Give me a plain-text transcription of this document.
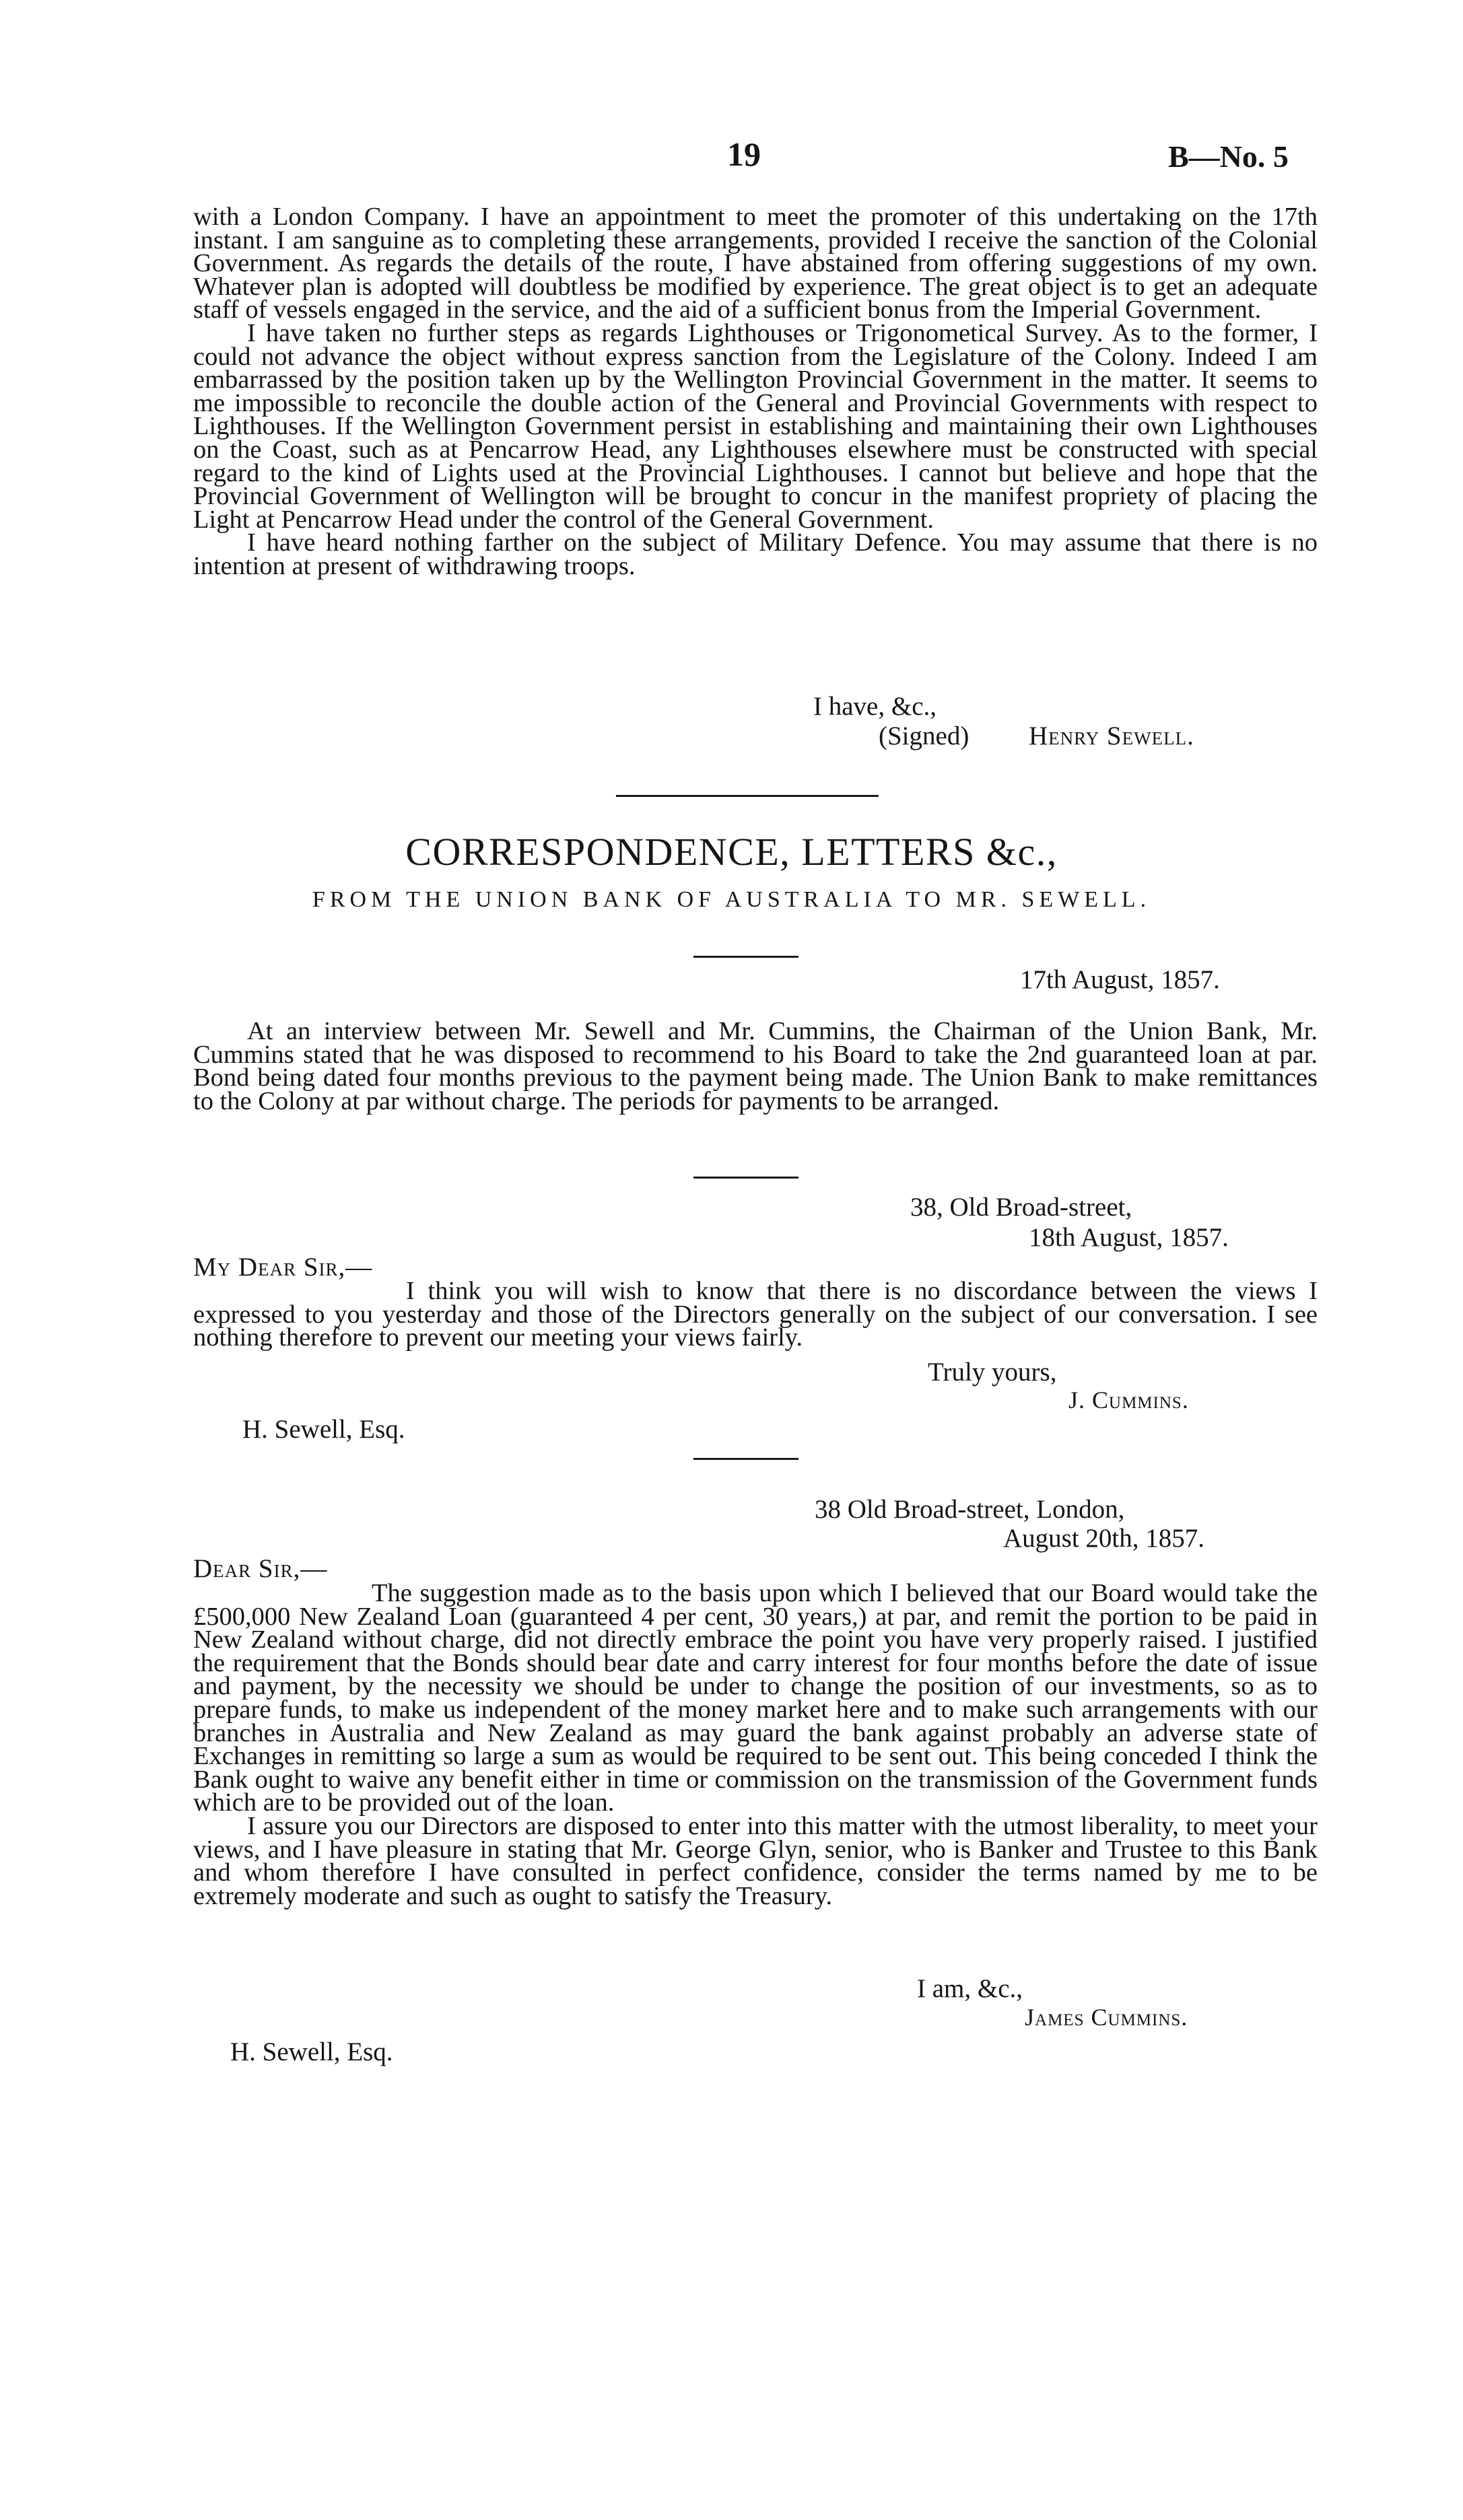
19	B—No. 5

with a London Company. I have an appointment to meet the promoter of this undertaking on the 17th instant. I am sanguine as to completing these arrangements, provided I receive the sanction of the Colonial Government. As regards the details of the route, I have abstained from offering suggestions of my own. Whatever plan is adopted will doubtless be modified by experience. The great object is to get an adequate staff of vessels engaged in the service, and the aid of a sufficient bonus from the Imperial Government.

I have taken no further steps as regards Lighthouses or Trigonometical Survey. As to the former, I could not advance the object without express sanction from the Legislature of the Colony. Indeed I am embarrassed by the position taken up by the Wellington Provincial Government in the matter. It seems to me impossible to reconcile the double action of the General and Provincial Governments with respect to Lighthouses. If the Wellington Government persist in establishing and maintaining their own Lighthouses on the Coast, such as at Pencarrow Head, any Lighthouses elsewhere must be constructed with special regard to the kind of Lights used at the Provincial Lighthouses. I cannot but believe and hope that the Provincial Government of Wellington will be brought to concur in the manifest propriety of placing the Light at Pencarrow Head under the control of the General Government.

I have heard nothing farther on the subject of Military Defence. You may assume that there is no intention at present of withdrawing troops.

I have, &c.,
(Signed) Henry Sewell.
CORRESPONDENCE, LETTERS &c.,
FROM THE UNION BANK OF AUSTRALIA TO MR. SEWELL.
17th August, 1857.

At an interview between Mr. Sewell and Mr. Cummins, the Chairman of the Union Bank, Mr. Cummins stated that he was disposed to recommend to his Board to take the 2nd guaranteed loan at par. Bond being dated four months previous to the payment being made. The Union Bank to make remittances to the Colony at par without charge. The periods for payments to be arranged.

38, Old Broad-street,
18th August, 1857.
My Dear Sir,—

I think you will wish to know that there is no discordance between the views I expressed to you yesterday and those of the Directors generally on the subject of our conversation. I see nothing therefore to prevent our meeting your views fairly.

Truly yours,
J. Cummins.
H. Sewell, Esq.
38 Old Broad-street, London,
August 20th, 1857.
Dear Sir,—

The suggestion made as to the basis upon which I believed that our Board would take the £500,000 New Zealand Loan (guaranteed 4 per cent, 30 years,) at par, and remit the portion to be paid in New Zealand without charge, did not directly embrace the point you have very properly raised. I justified the requirement that the Bonds should bear date and carry interest for four months before the date of issue and payment, by the necessity we should be under to change the position of our investments, so as to prepare funds, to make us independent of the money market here and to make such arrangements with our branches in Australia and New Zealand as may guard the bank against probably an adverse state of Exchanges in remitting so large a sum as would be required to be sent out. This being conceded I think the Bank ought to waive any benefit either in time or commission on the transmission of the Government funds which are to be provided out of the loan.

I assure you our Directors are disposed to enter into this matter with the utmost liberality, to meet your views, and I have pleasure in stating that Mr. George Glyn, senior, who is Banker and Trustee to this Bank and whom therefore I have consulted in perfect confidence, consider the terms named by me to be extremely moderate and such as ought to satisfy the Treasury.

I am, &c.,
James Cummins.
H. Sewell, Esq.
